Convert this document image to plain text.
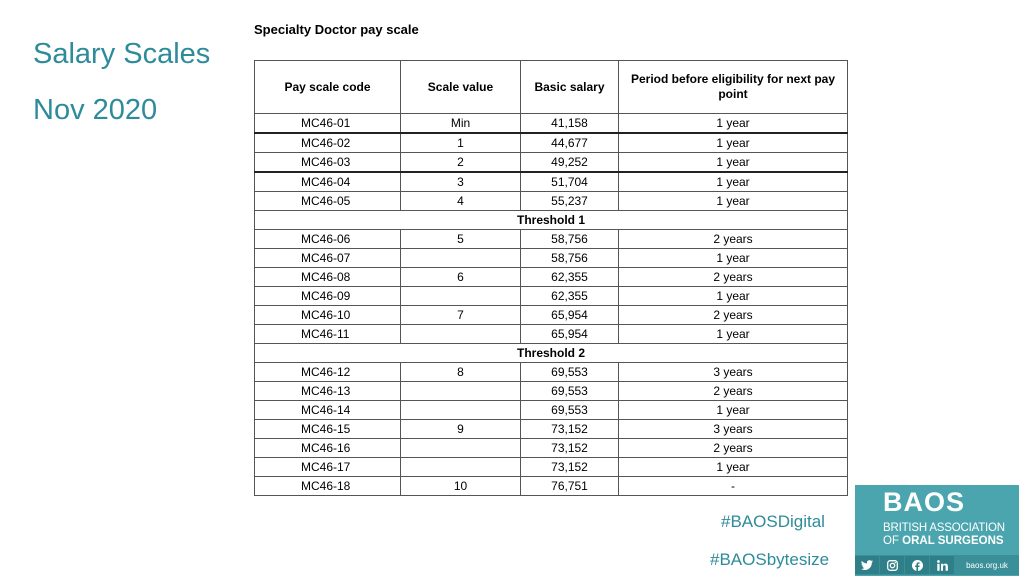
Salary Scales
Nov 2020
Specialty Doctor pay scale
Pay scale code	Scale value	Basic salary	Period before eligibility for next pay point
MC46-01	Min	41,158	1 year
MC46-02	1	44,677	1 year
MC46-03	2	49,252	1 year
MC46-04	3	51,704	1 year
MC46-05	4	55,237	1 year
Threshold 1			
MC46-06	5	58,756	2 years
MC46-07		58,756	1 year
MC46-08	6	62,355	2 years
MC46-09		62,355	1 year
MC46-10	7	65,954	2 years
MC46-11		65,954	1 year
Threshold 2			
MC46-12	8	69,553	3 years
MC46-13		69,553	2 years
MC46-14		69,553	1 year
MC46-15	9	73,152	3 years
MC46-16		73,152	2 years
MC46-17		73,152	1 year
MC46-18	10	76,751	-
#BAOSDigital
#BAOSbytesize
BAOS
BRITISH ASSOCIATION
OF ORAL SURGEONS
baos.org.uk
